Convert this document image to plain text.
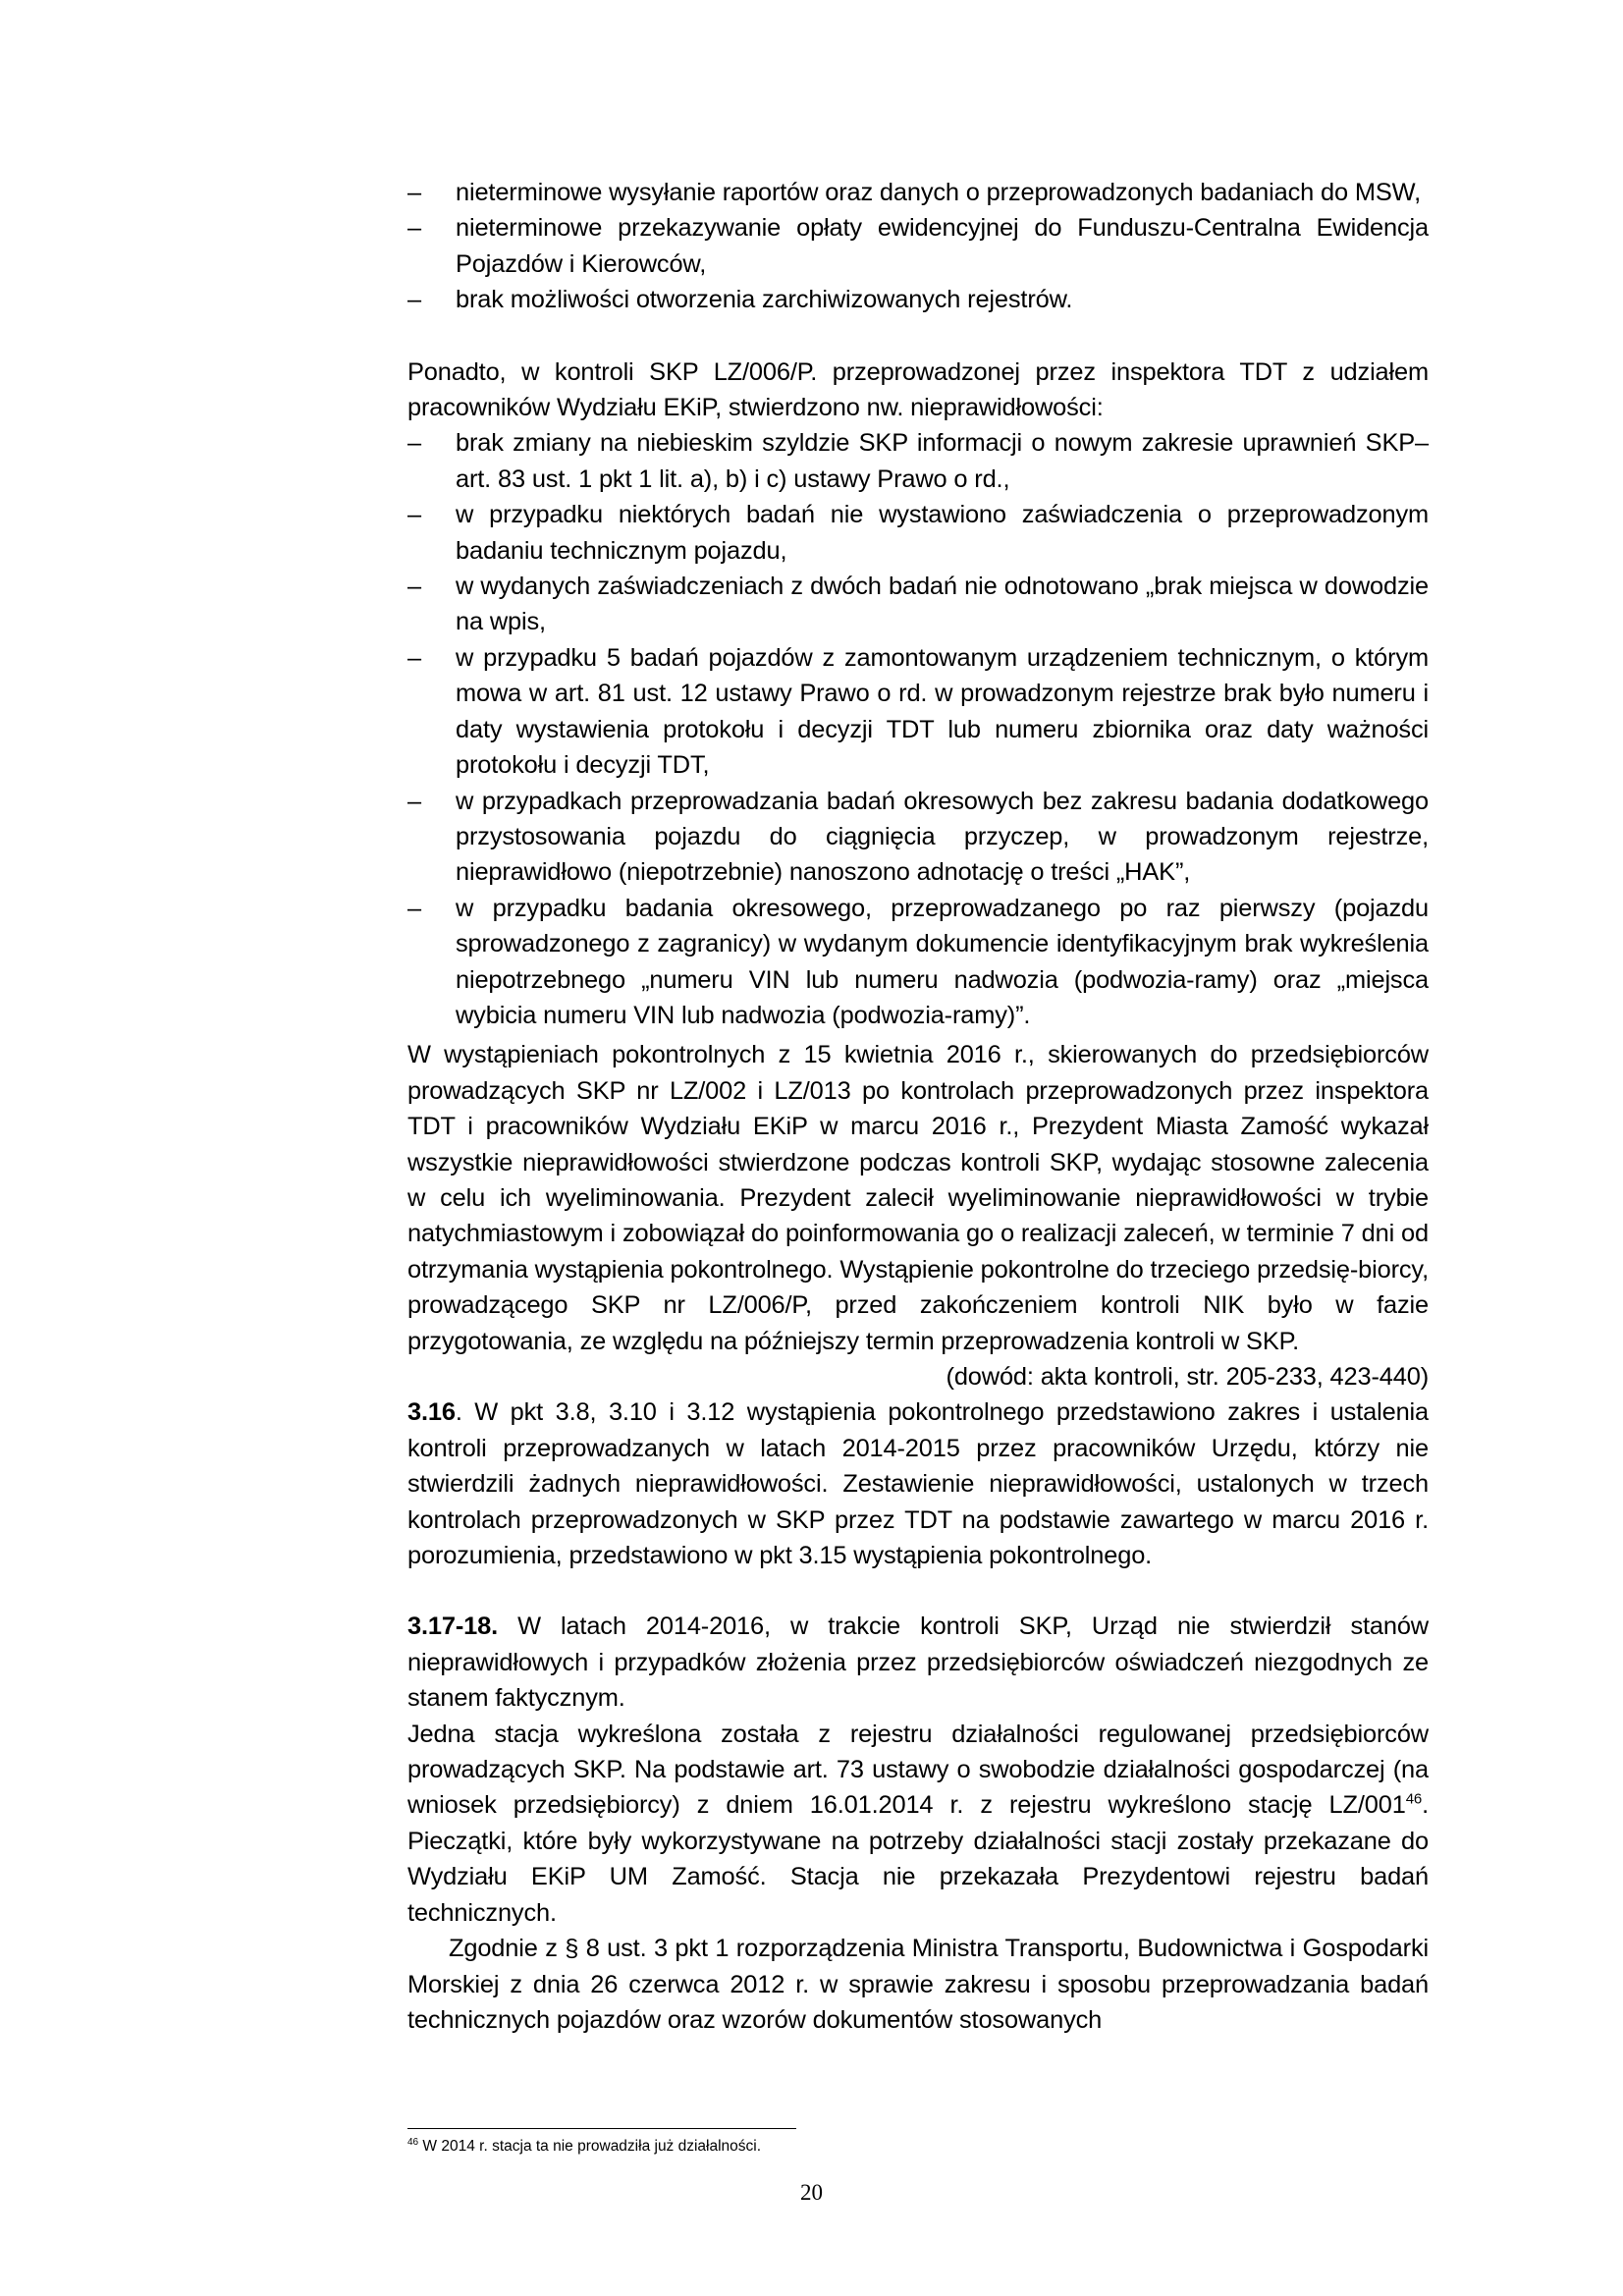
– nieterminowe wysyłanie raportów oraz danych o przeprowadzonych badaniach do MSW,
– nieterminowe przekazywanie opłaty ewidencyjnej do Funduszu-Centralna Ewidencja Pojazdów i Kierowców,
– brak możliwości otworzenia zarchiwizowanych rejestrów.

Ponadto, w kontroli SKP LZ/006/P. przeprowadzonej przez inspektora TDT z udziałem pracowników Wydziału EKiP, stwierdzono nw. nieprawidłowości:

– brak zmiany na niebieskim szyldzie SKP informacji o nowym zakresie uprawnień SKP– art. 83 ust. 1 pkt 1 lit. a), b) i c) ustawy Prawo o rd.,
– w przypadku niektórych badań nie wystawiono zaświadczenia o przeprowadzonym badaniu technicznym pojazdu,
– w wydanych zaświadczeniach z dwóch badań nie odnotowano „brak miejsca w dowodzie na wpis,
– w przypadku 5 badań pojazdów z zamontowanym urządzeniem technicznym, o którym mowa w art. 81 ust. 12 ustawy Prawo o rd. w prowadzonym rejestrze brak było numeru i daty wystawienia protokołu i decyzji TDT lub numeru zbiornika oraz daty ważności protokołu i decyzji TDT,
– w przypadkach przeprowadzania badań okresowych bez zakresu badania dodatkowego przystosowania pojazdu do ciągnięcia przyczep, w prowadzonym rejestrze, nieprawidłowo (niepotrzebnie) nanoszono adnotację o treści „HAK”,
– w przypadku badania okresowego, przeprowadzanego po raz pierwszy (pojazdu sprowadzonego z zagranicy) w wydanym dokumencie identyfikacyjnym brak wykreślenia niepotrzebnego „numeru VIN lub numeru nadwozia (podwozia-ramy) oraz „miejsca wybicia numeru VIN lub nadwozia (podwozia-ramy)”.

W wystąpieniach pokontrolnych z 15 kwietnia 2016 r., skierowanych do przedsiębiorców prowadzących SKP nr LZ/002 i LZ/013 po kontrolach przeprowadzonych przez inspektora TDT i pracowników Wydziału EKiP w marcu 2016 r., Prezydent Miasta Zamość wykazał wszystkie nieprawidłowości stwierdzone podczas kontroli SKP, wydając stosowne zalecenia w celu ich wyeliminowania. Prezydent zalecił wyeliminowanie nieprawidłowości w trybie natychmiastowym i zobowiązał do poinformowania go o realizacji zaleceń, w terminie 7 dni od otrzymania wystąpienia pokontrolnego. Wystąpienie pokontrolne do trzeciego przedsię-biorcy, prowadzącego SKP nr LZ/006/P, przed zakończeniem kontroli NIK było w fazie przygotowania, ze względu na późniejszy termin przeprowadzenia kontroli w SKP.

(dowód: akta kontroli, str. 205-233, 423-440)

3.16. W pkt 3.8, 3.10 i 3.12 wystąpienia pokontrolnego przedstawiono zakres i ustalenia kontroli przeprowadzanych w latach 2014-2015 przez pracowników Urzędu, którzy nie stwierdzili żadnych nieprawidłowości. Zestawienie nieprawidłowości, ustalonych w trzech kontrolach przeprowadzonych w SKP przez TDT na podstawie zawartego w marcu 2016 r. porozumienia, przedstawiono w pkt 3.15 wystąpienia pokontrolnego.

3.17-18. W latach 2014-2016, w trakcie kontroli SKP, Urząd nie stwierdził stanów nieprawidłowych i przypadków złożenia przez przedsiębiorców oświadczeń niezgodnych ze stanem faktycznym.

Jedna stacja wykreślona została z rejestru działalności regulowanej przedsiębiorców prowadzących SKP. Na podstawie art. 73 ustawy o swobodzie działalności gospodarczej (na wniosek przedsiębiorcy) z dniem 16.01.2014 r. z rejestru wykreślono stację $LZ/001^{46}$. Pieczątki, które były wykorzystywane na potrzeby działalności stacji zostały przekazane do Wydziału EKiP UM Zamość. Stacja nie przekazała Prezydentowi rejestru badań technicznych.

Zgodnie z § 8 ust. 3 pkt 1 rozporządzenia Ministra Transportu, Budownictwa i Gospodarki Morskiej z dnia 26 czerwca 2012 r. w sprawie zakresu i sposobu przeprowadzania badań technicznych pojazdów oraz wzorów dokumentów stosowanych

$^{46}$ W 2014 r. stacja ta nie prowadziła już działalności.
20
